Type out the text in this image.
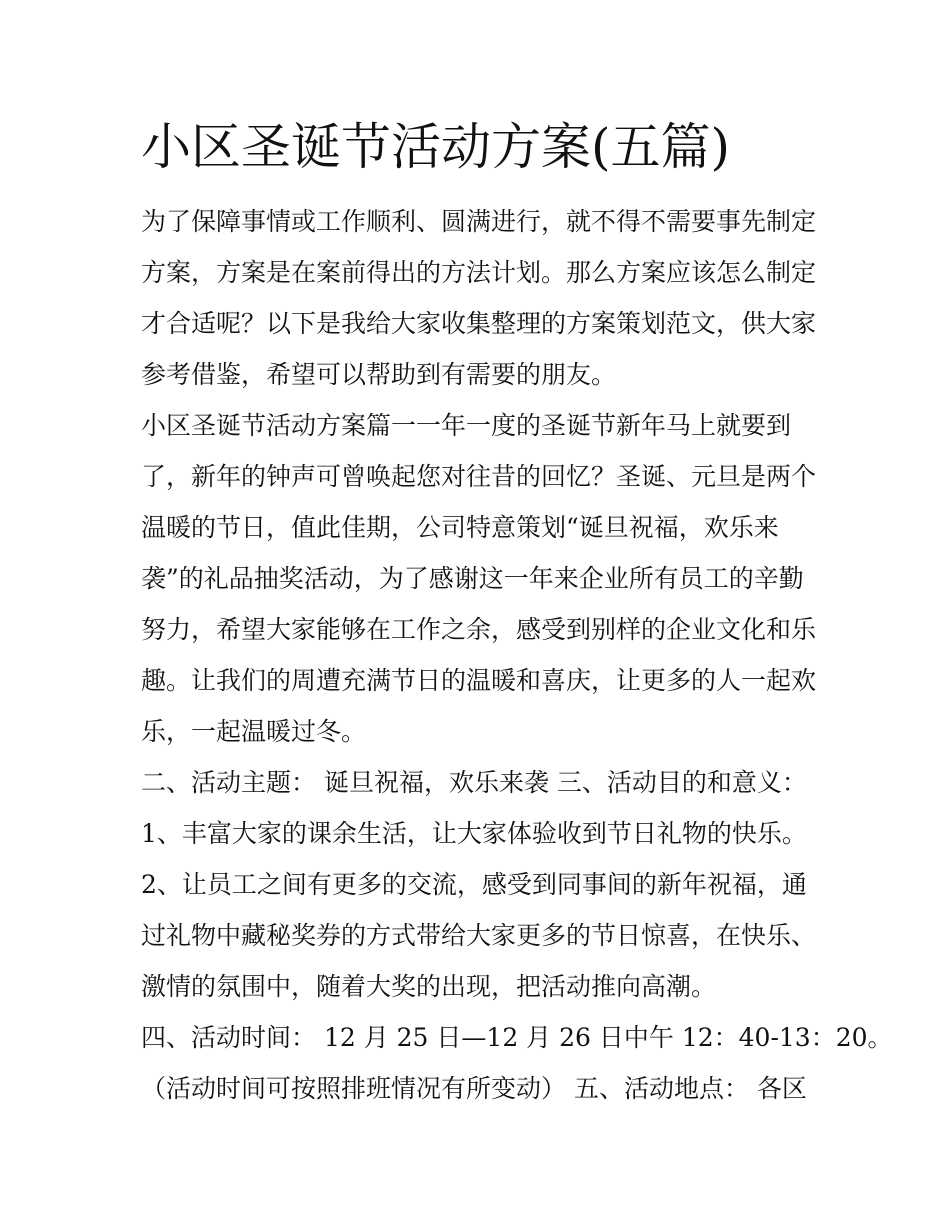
小区圣诞节活动方案(五篇)

为了保障事情或工作顺利、圆满进行，就不得不需要事先制定

方案，方案是在案前得出的方法计划。那么方案应该怎么制定

才合适呢？以下是我给大家收集整理的方案策划范文，供大家

参考借鉴，希望可以帮助到有需要的朋友。

小区圣诞节活动方案篇一一年一度的圣诞节新年马上就要到

了，新年的钟声可曾唤起您对往昔的回忆？圣诞、元旦是两个

温暖的节日，值此佳期，公司特意策划“诞旦祝福，欢乐来

袭”的礼品抽奖活动，为了感谢这一年来企业所有员工的辛勤

努力，希望大家能够在工作之余，感受到别样的企业文化和乐

趣。让我们的周遭充满节日的温暖和喜庆，让更多的人一起欢

乐，一起温暖过冬。

二、活动主题： 诞旦祝福，欢乐来袭 三、活动目的和意义：

1、丰富大家的课余生活，让大家体验收到节日礼物的快乐。

2、让员工之间有更多的交流，感受到同事间的新年祝福，通

过礼物中藏秘奖券的方式带给大家更多的节日惊喜，在快乐、

激情的氛围中，随着大奖的出现，把活动推向高潮。

四、活动时间： 12 月 25 日—12 月 26 日中午 12：40-13：20。

（活动时间可按照排班情况有所变动） 五、活动地点： 各区
